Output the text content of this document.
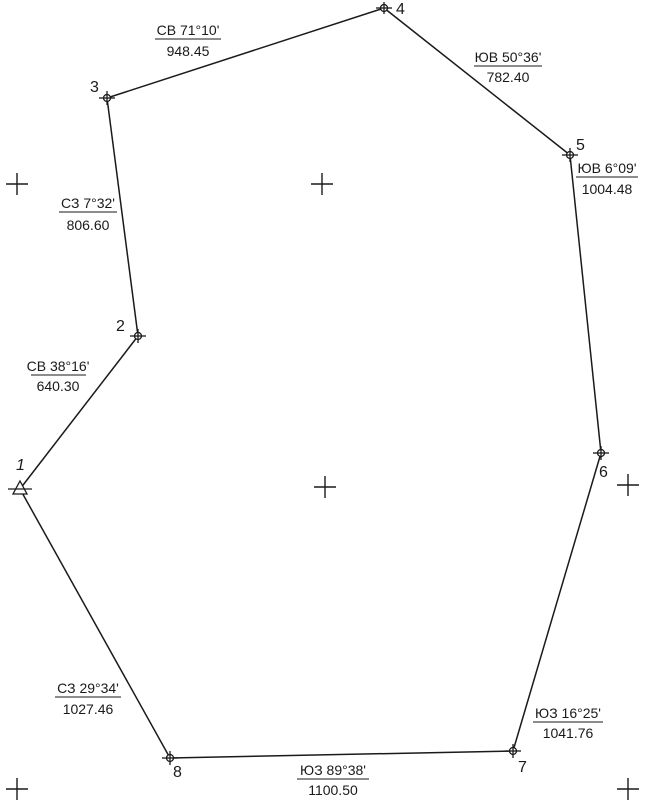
1
2
3
4
5
6
7
8
СВ 38°16'
640.30
СЗ 7°32'
806.60
СВ 71°10'
948.45	ЮВ 50°36'
782.40
ЮВ 6°09'
1004.48
ЮЗ 16°25'
1041.76
ЮЗ 89°38'
1100.50
СЗ 29°34'
1027.46
